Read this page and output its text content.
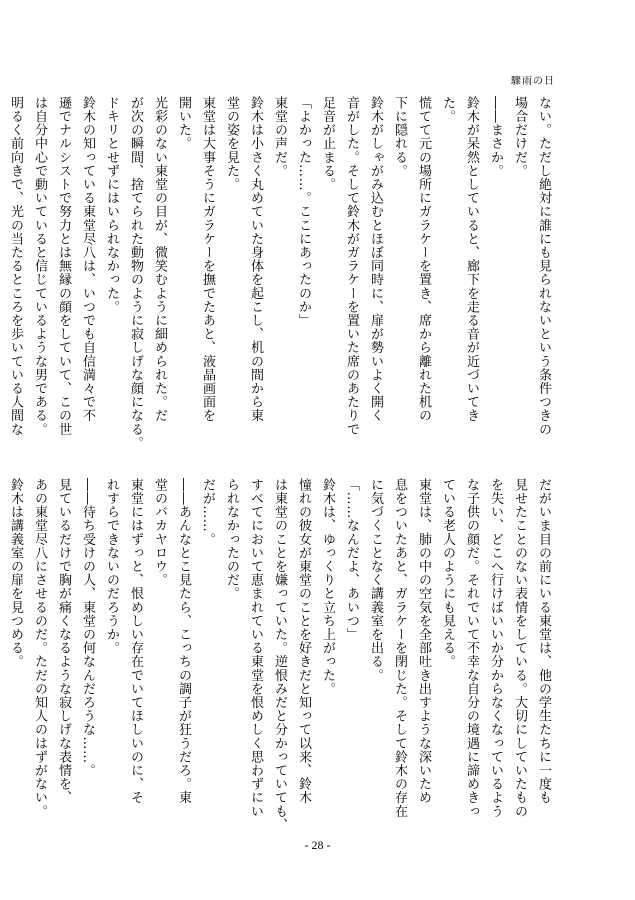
驟雨の日

ない。ただし絶対に誰にも見られないという条件つきの

場合だけだ。

――まさか。

鈴木が呆然としていると、廊下を走る音が近づいてき

た。

慌てて元の場所にガラケーを置き、席から離れた机の

下に隠れる。

鈴木がしゃがみ込むとほぼ同時に、扉が勢いよく開く

音がした。そして鈴木がガラケーを置いた席のあたりで

足音が止まる。

「よかった……。ここにあったのか」

東堂の声だ。

鈴木は小さく丸めていた身体を起こし、机の間から東

堂の姿を見た。

東堂は大事そうにガラケーを撫でたあと、液晶画面を

開いた。

光彩のない東堂の目が、微笑むように細められた。だ

が次の瞬間、捨てられた動物のように寂しげな顔になる。

ドキリとせずにはいられなかった。

鈴木の知っている東堂尽八は、いつでも自信満々で不

遜でナルシストで努力とは無縁の顔をしていて、この世

は自分中心で動いていると信じているような男である。

明るく前向きで、光の当たるところを歩いている人間な

だがいま目の前にいる東堂は、他の学生たちに一度も

見せたことのない表情をしている。大切にしていたもの

を失い、どこへ行けばいいか分からなくなっているよう

な子供の顔だ。それでいて不幸な自分の境遇に諦めきっ

ている老人のようにも見える。

東堂は、肺の中の空気を全部吐き出すような深いため

息をついたあと、ガラケーを閉じた。そして鈴木の存在

に気づくことなく講義室を出る。

「……なんだよ、あいつ」

鈴木は、ゆっくりと立ち上がった。

憧れの彼女が東堂のことを好きだと知って以来、鈴木

は東堂のことを嫌っていた。逆恨みだと分かっていても、

すべてにおいて恵まれている東堂を恨めしく思わずにい

られなかったのだ。

だが……。

――あんなとこ見たら、こっちの調子が狂うだろ。東

堂のバカヤロウ。

東堂にはずっと、恨めしい存在でいてほしいのに、そ

れすらできないのだろうか。

――待ち受けの人、東堂の何なんだろうな……。

見ているだけで胸が痛くなるような寂しげな表情を、

あの東堂尽八にさせるのだ。ただの知人のはずがない。

鈴木は講義室の扉を見つめる。

- 28 -
